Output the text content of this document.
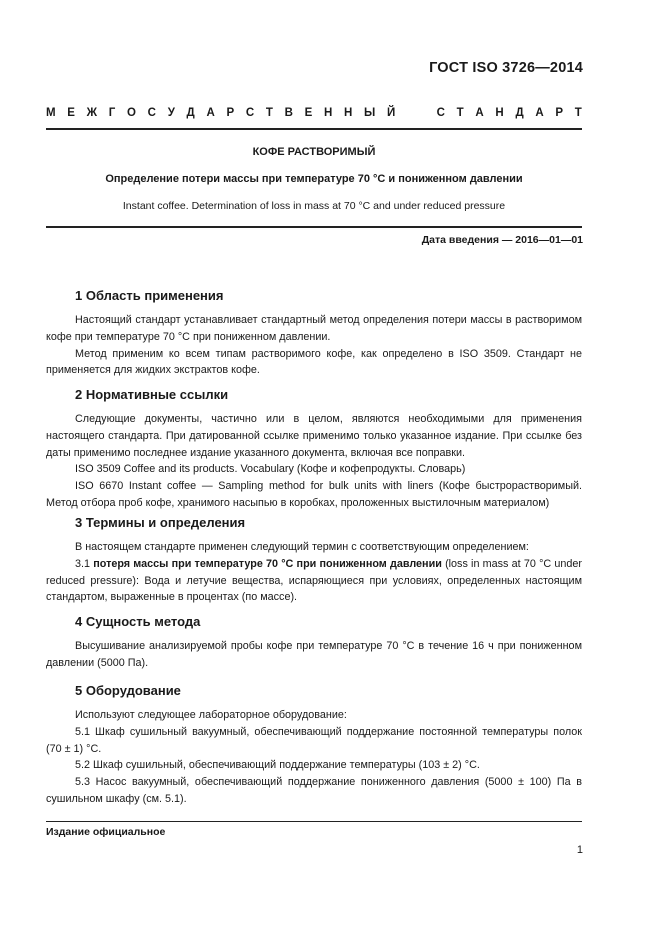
ГОСТ ISO 3726—2014
М Е Ж Г О С У Д А Р С Т В Е Н Н Ы Й	С Т А Н Д А Р Т
КОФЕ РАСТВОРИМЫЙ
Определение потери массы при температуре 70 °С и пониженном давлении
Instant coffee. Determination of loss in mass at 70 °C and under reduced pressure
Дата введения — 2016—01—01
1 Область применения

Настоящий стандарт устанавливает стандартный метод определения потери массы в растворимом кофе при температуре 70 °С при пониженном давлении.

Метод применим ко всем типам растворимого кофе, как определено в ISO 3509. Стандарт не применяется для жидких экстрактов кофе.

2 Нормативные ссылки

Следующие документы, частично или в целом, являются необходимыми для применения настоящего стандарта. При датированной ссылке применимо только указанное издание. При ссылке без даты применимо последнее издание указанного документа, включая все поправки.

ISO 3509 Coffee and its products. Vocabulary (Кофе и кофепродукты. Словарь)

ISO 6670 Instant coffee — Sampling method for bulk units with liners (Кофе быстрорастворимый. Метод отбора проб кофе, хранимого насыпью в коробках, проложенных выстилочным материалом)

3 Термины и определения

В настоящем стандарте применен следующий термин с соответствующим определением:

3.1 потеря массы при температуре 70 °С при пониженном давлении (loss in mass at 70 °С under reduced pressure): Вода и летучие вещества, испаряющиеся при условиях, определенных настоящим стандартом, выраженные в процентах (по массе).

4 Сущность метода

Высушивание анализируемой пробы кофе при температуре 70 °С в течение 16 ч при пониженном давлении (5000 Па).

5 Оборудование

Используют следующее лабораторное оборудование:

5.1 Шкаф сушильный вакуумный, обеспечивающий поддержание постоянной температуры полок (70 ± 1) °С.

5.2 Шкаф сушильный, обеспечивающий поддержание температуры (103 ± 2) °С.

5.3 Насос вакуумный, обеспечивающий поддержание пониженного давления (5000 ± 100) Па в сушильном шкафу (см. 5.1).

Издание официальное
1
